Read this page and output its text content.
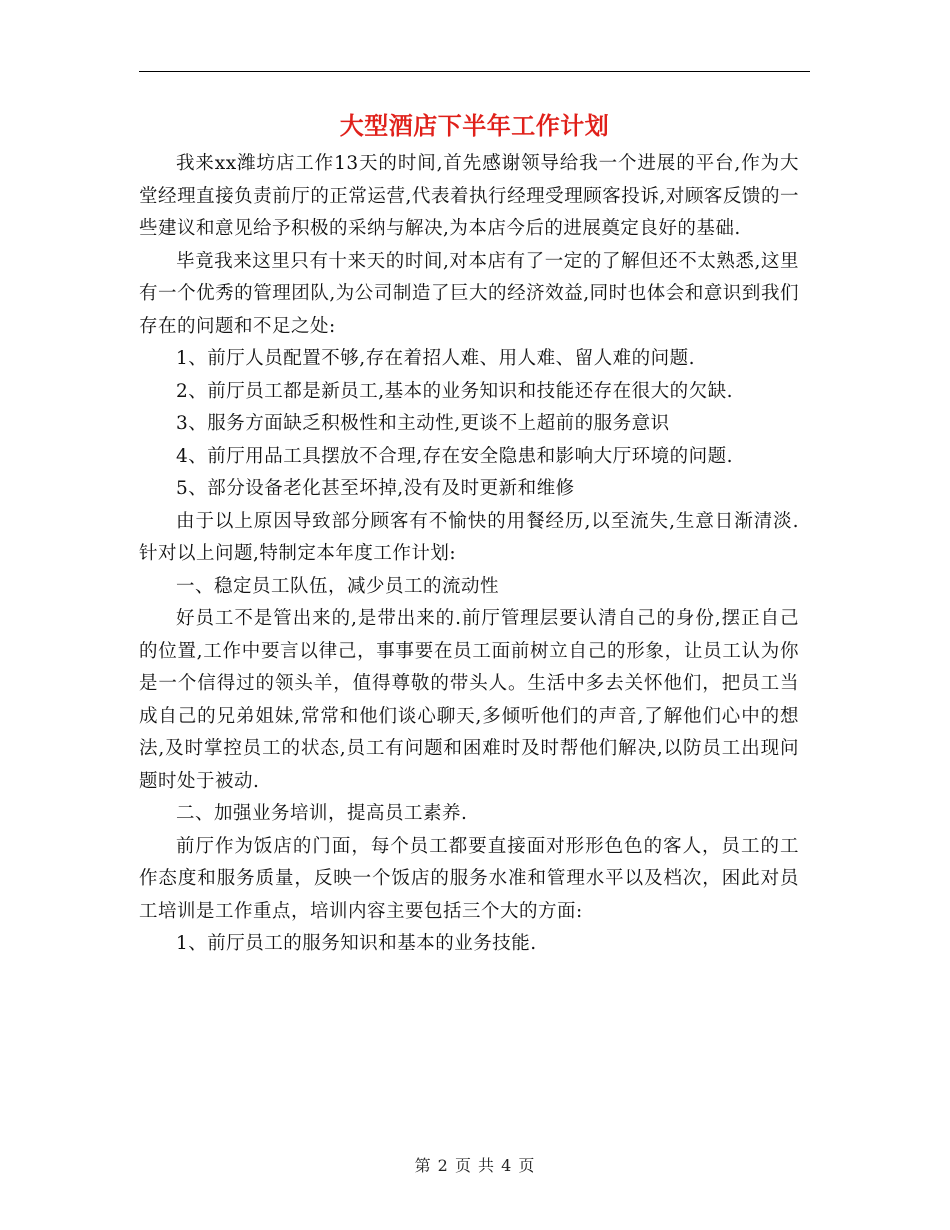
大型酒店下半年工作计划

我来xx潍坊店工作13天的时间,首先感谢领导给我一个进展的平台,作为大堂经理直接负责前厅的正常运营,代表着执行经理受理顾客投诉,对顾客反馈的一些建议和意见给予积极的采纳与解决,为本店今后的进展奠定良好的基础.

毕竟我来这里只有十来天的时间,对本店有了一定的了解但还不太熟悉,这里有一个优秀的管理团队,为公司制造了巨大的经济效益,同时也体会和意识到我们存在的问题和不足之处:

1、前厅人员配置不够,存在着招人难、用人难、留人难的问题.

2、前厅员工都是新员工,基本的业务知识和技能还存在很大的欠缺.

3、服务方面缺乏积极性和主动性,更谈不上超前的服务意识

4、前厅用品工具摆放不合理,存在安全隐患和影响大厅环境的问题.

5、部分设备老化甚至坏掉,没有及时更新和维修

由于以上原因导致部分顾客有不愉快的用餐经历,以至流失,生意日渐清淡.针对以上问题,特制定本年度工作计划:

一、稳定员工队伍，减少员工的流动性

好员工不是管出来的,是带出来的.前厅管理层要认清自己的身份,摆正自己的位置,工作中要言以律己，事事要在员工面前树立自己的形象，让员工认为你是一个信得过的领头羊，值得尊敬的带头人。生活中多去关怀他们，把员工当成自己的兄弟姐妹,常常和他们谈心聊天,多倾听他们的声音,了解他们心中的想法,及时掌控员工的状态,员工有问题和困难时及时帮他们解决,以防员工出现问题时处于被动.

二、加强业务培训，提高员工素养.

前厅作为饭店的门面，每个员工都要直接面对形形色色的客人，员工的工作态度和服务质量，反映一个饭店的服务水准和管理水平以及档次，困此对员工培训是工作重点，培训内容主要包括三个大的方面:

1、前厅员工的服务知识和基本的业务技能.

第 2 页 共 4 页
